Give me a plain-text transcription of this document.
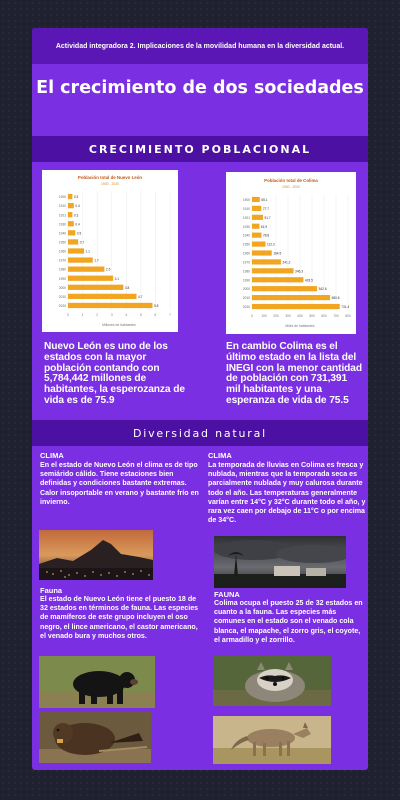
Actividad integradora 2. Implicaciones de la movilidad humana en la diversidad actual.
El crecimiento de dos sociedades
CRECIMIENTO POBLACIONAL
Población total de Nuevo León
1900 - 2020
0	1	2	3	4	5	6	7
1900 0.3
1910	0.4
1921 0.3
1930	0.4
1940	0.5
1950	0.7
1960	1.1
1970	1.7
1980	2.5
1990	3.1
2000	3.8
2010	4.7
2020	5.8
Millones de habitantes
Población total de Colima
1900 - 2020
0	100 200 300 400 500 600 700 800
1900	65.1
1910	77.7
1921	91.7
1930	61.9
1940	78.8
1950	112.3
1960	164.5
1970	241.2
1980	346.3
1990	428.5
2000	542.6
2010	650.6
2020	731.4
Miles de habitantes
Nuevo León es uno de los estados con la mayor población contando con 5,784,442 millones de habitantes, la esperozanza de vida es de 75.9
En cambio Colima es el último estado en la lista del INEGI con la menor cantidad de población con 731,391 mil habitantes y una esperanza de vida de 75.5
Diversidad natural
CLIMA
En el estado de Nuevo León el clima es de tipo semiárido cálido. Tiene estaciones bien definidas y condiciones bastante extremas. Calor insoportable en verano y bastante frío en invierno.
CLIMA
La temporada de lluvias en Colima es fresca y nublada, mientras que la temporada seca es parcialmente nublada y muy calurosa durante todo el año. Las temperaturas generalmente varían entre 14°C y 32°C durante todo el año, y rara vez caen por debajo de 11°C o por encima de 34°C.
Fauna
El estado de Nuevo León tiene el puesto 18 de 32 estados en términos de fauna. Las especies de mamíferos de este grupo incluyen el oso negro, el lince americano, el castor americano, el venado bura y muchos otros.
FAUNA
Colima ocupa el puesto 25 de 32 estados en cuanto a la fauna. Las especies más comunes en el estado son el venado cola blanca, el mapache, el zorro gris, el coyote, el armadillo y el zorrillo.
